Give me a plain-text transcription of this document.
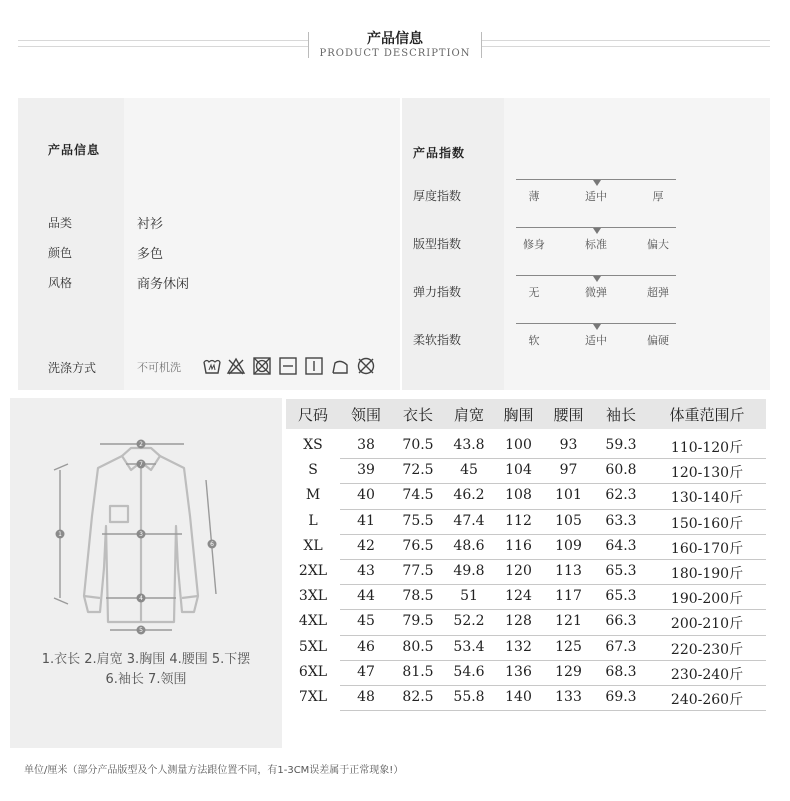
产品信息
PRODUCT DESCRIPTION
产品信息
品类	衬衫
颜色	多色
风格	商务休闲
洗涤方式	不可机洗
产品指数
厚度指数	薄	适中	厚
版型指数	修身	标准	偏大
弹力指数	无	微弹	超弹
柔软指数	软	适中	偏硬
2
7
3
4
5
1
6
1.衣长 2.肩宽 3.胸围 4.腰围 5.下摆
6.袖长 7.领围
尺码	领围	衣长	肩宽	胸围	腰围	袖长	体重范围斤
XS	38	70.5	43.8	100	93	59.3	110-120斤
S	39	72.5	45	104	97	60.8	120-130斤
M	40	74.5	46.2	108	101	62.3	130-140斤
L	41	75.5	47.4	112	105	63.3	150-160斤
XL	42	76.5	48.6	116	109	64.3	160-170斤
2XL	43	77.5	49.8	120	113	65.3	180-190斤
3XL	44	78.5	51	124	117	65.3	190-200斤
4XL	45	79.5	52.2	128	121	66.3	200-210斤
5XL	46	80.5	53.4	132	125	67.3	220-230斤
6XL	47	81.5	54.6	136	129	68.3	230-240斤
7XL	48	82.5	55.8	140	133	69.3	240-260斤
单位/厘米（部分产品版型及个人测量方法跟位置不同，有1-3CM误差属于正常现象!）
